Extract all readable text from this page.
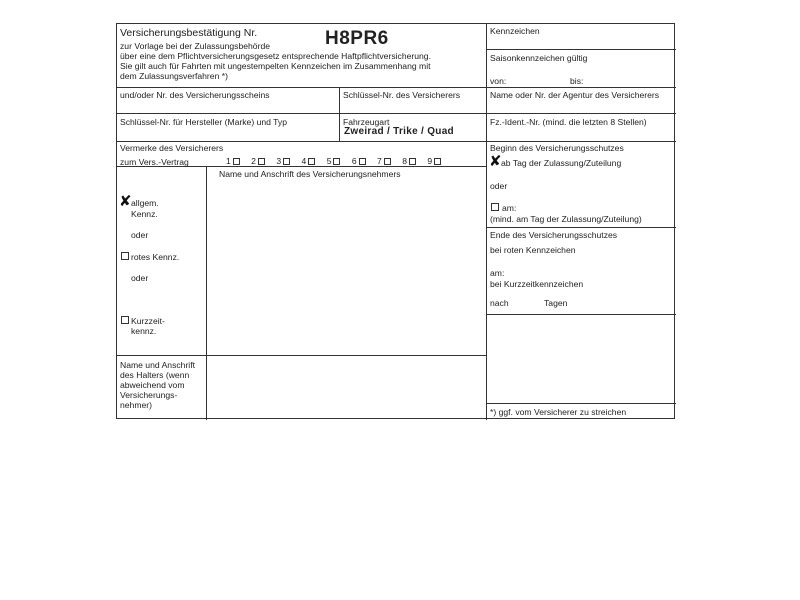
Versicherungsbestätigung Nr.	H8PR6
zur Vorlage bei der Zulassungsbehörde
über eine dem Pflichtversicherungsgesetz entsprechende Haftpflichtversicherung.
Sie gilt auch für Fahrten mit ungestempelten Kennzeichen im Zusammenhang mit
dem Zulassungsverfahren *)
Kennzeichen
Saisonkennzeichen gültig
von:	bis:
Name oder Nr. der Agentur des Versicherers
Fz.-Ident.-Nr. (mind. die letzten 8 Stellen)
Beginn des Versicherungsschutzes
✘ ab Tag der Zulassung/Zuteilung
oder
am:
(mind. am Tag der Zulassung/Zuteilung)
Ende des Versicherungsschutzes
bei roten Kennzeichen
am:
bei Kurzzeitkennzeichen
nach	Tagen
*) ggf. vom Versicherer zu streichen
und/oder Nr. des Versicherungsscheins	Schlüssel-Nr. des Versicherers
Schlüssel-Nr. für Hersteller (Marke) und Typ	Fahrzeugart
Zweirad / Trike / Quad
Vermerke des Versicherers
zum Vers.-Vertrag	1 2 3 4 5 6 7 8 9
Name und Anschrift des Versicherungsnehmers
✘ allgem.
Kennz.
oder
rotes Kennz.
oder
Kurzzeit-
kennz.
Name und Anschrift
des Halters (wenn
abweichend vom
Versicherungs-
nehmer)
